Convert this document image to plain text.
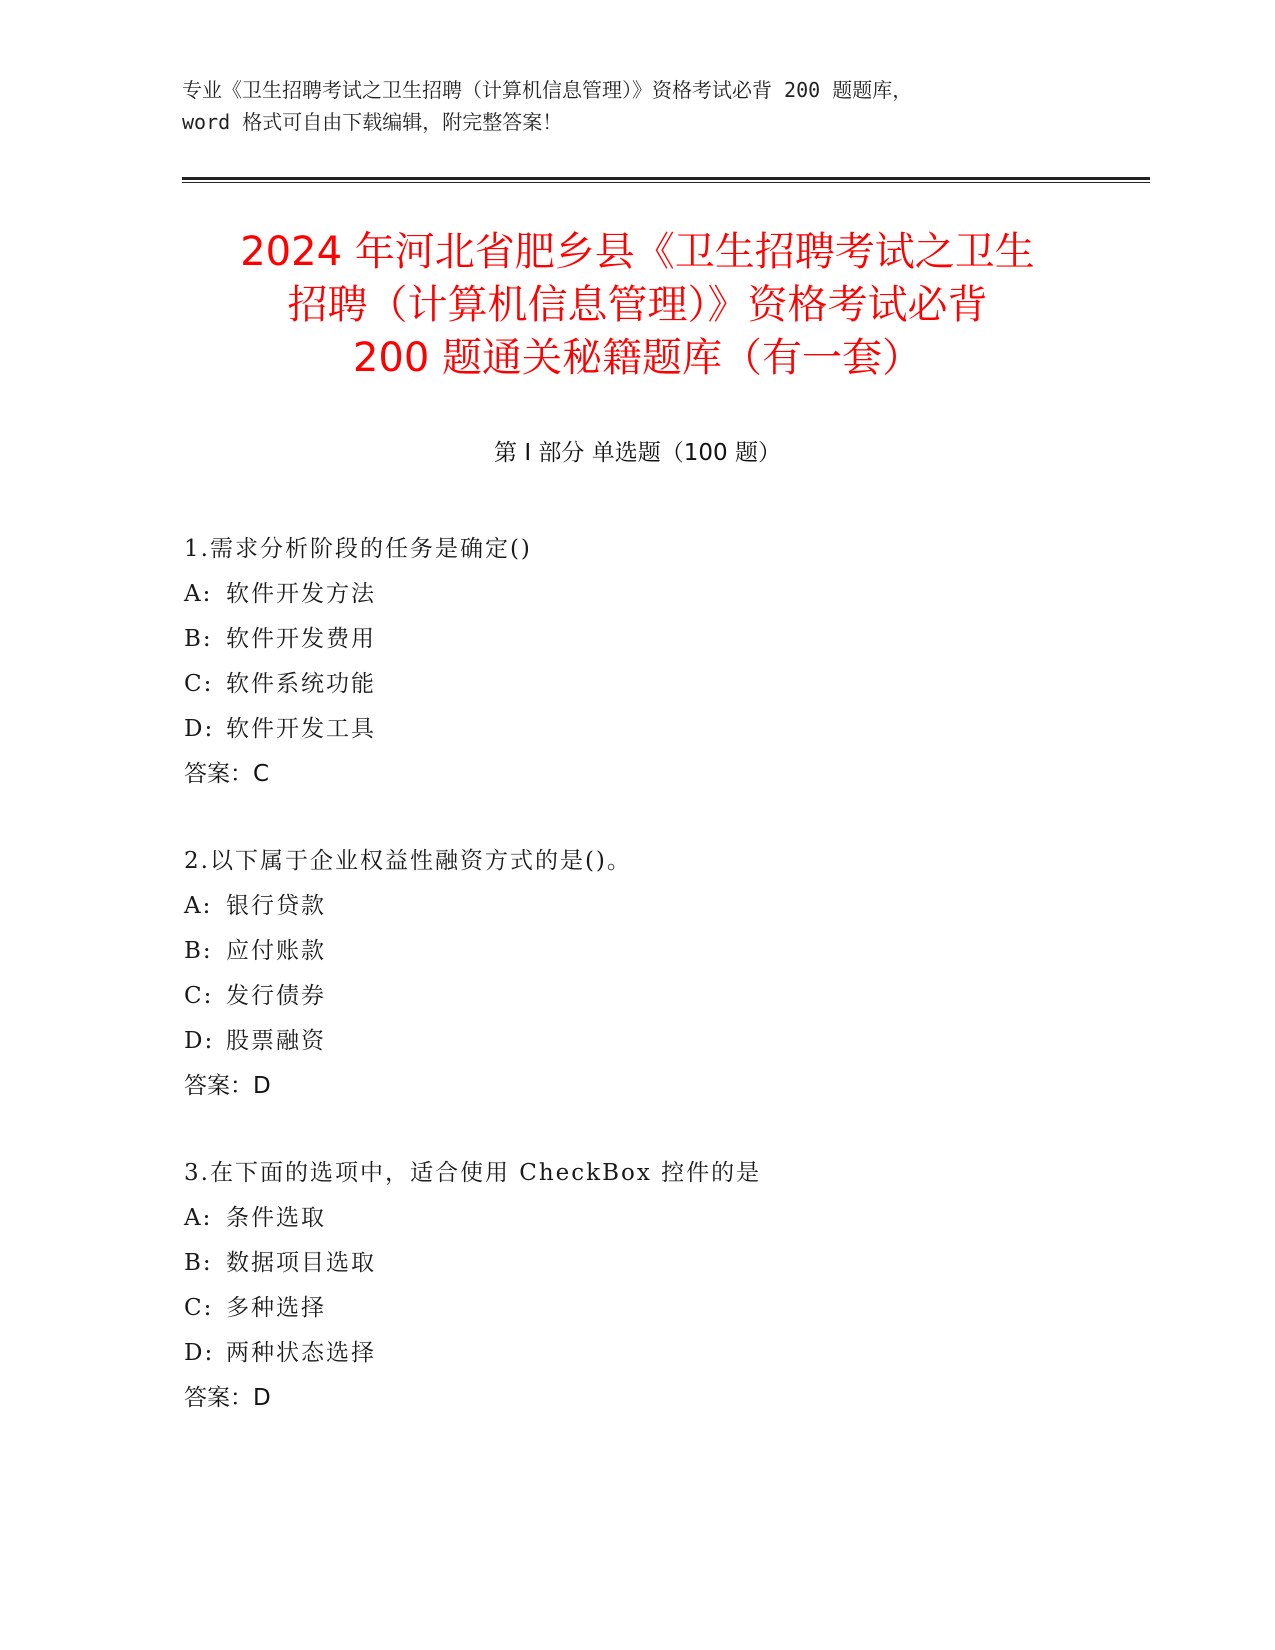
专业《卫生招聘考试之卫生招聘（计算机信息管理）》资格考试必背 200 题题库，
word 格式可自由下载编辑，附完整答案！
2024 年河北省肥乡县《卫生招聘考试之卫生
招聘（计算机信息管理）》资格考试必背
200 题通关秘籍题库（有一套）
第 I 部分 单选题（100 题）
1.需求分析阶段的任务是确定()
A: 软件开发方法
B: 软件开发费用
C: 软件系统功能
D: 软件开发工具
答案：C
2.以下属于企业权益性融资方式的是()。
A: 银行贷款
B: 应付账款
C: 发行债券
D: 股票融资
答案：D
3.在下面的选项中，适合使用 CheckBox 控件的是
A: 条件选取
B: 数据项目选取
C: 多种选择
D: 两种状态选择
答案：D
